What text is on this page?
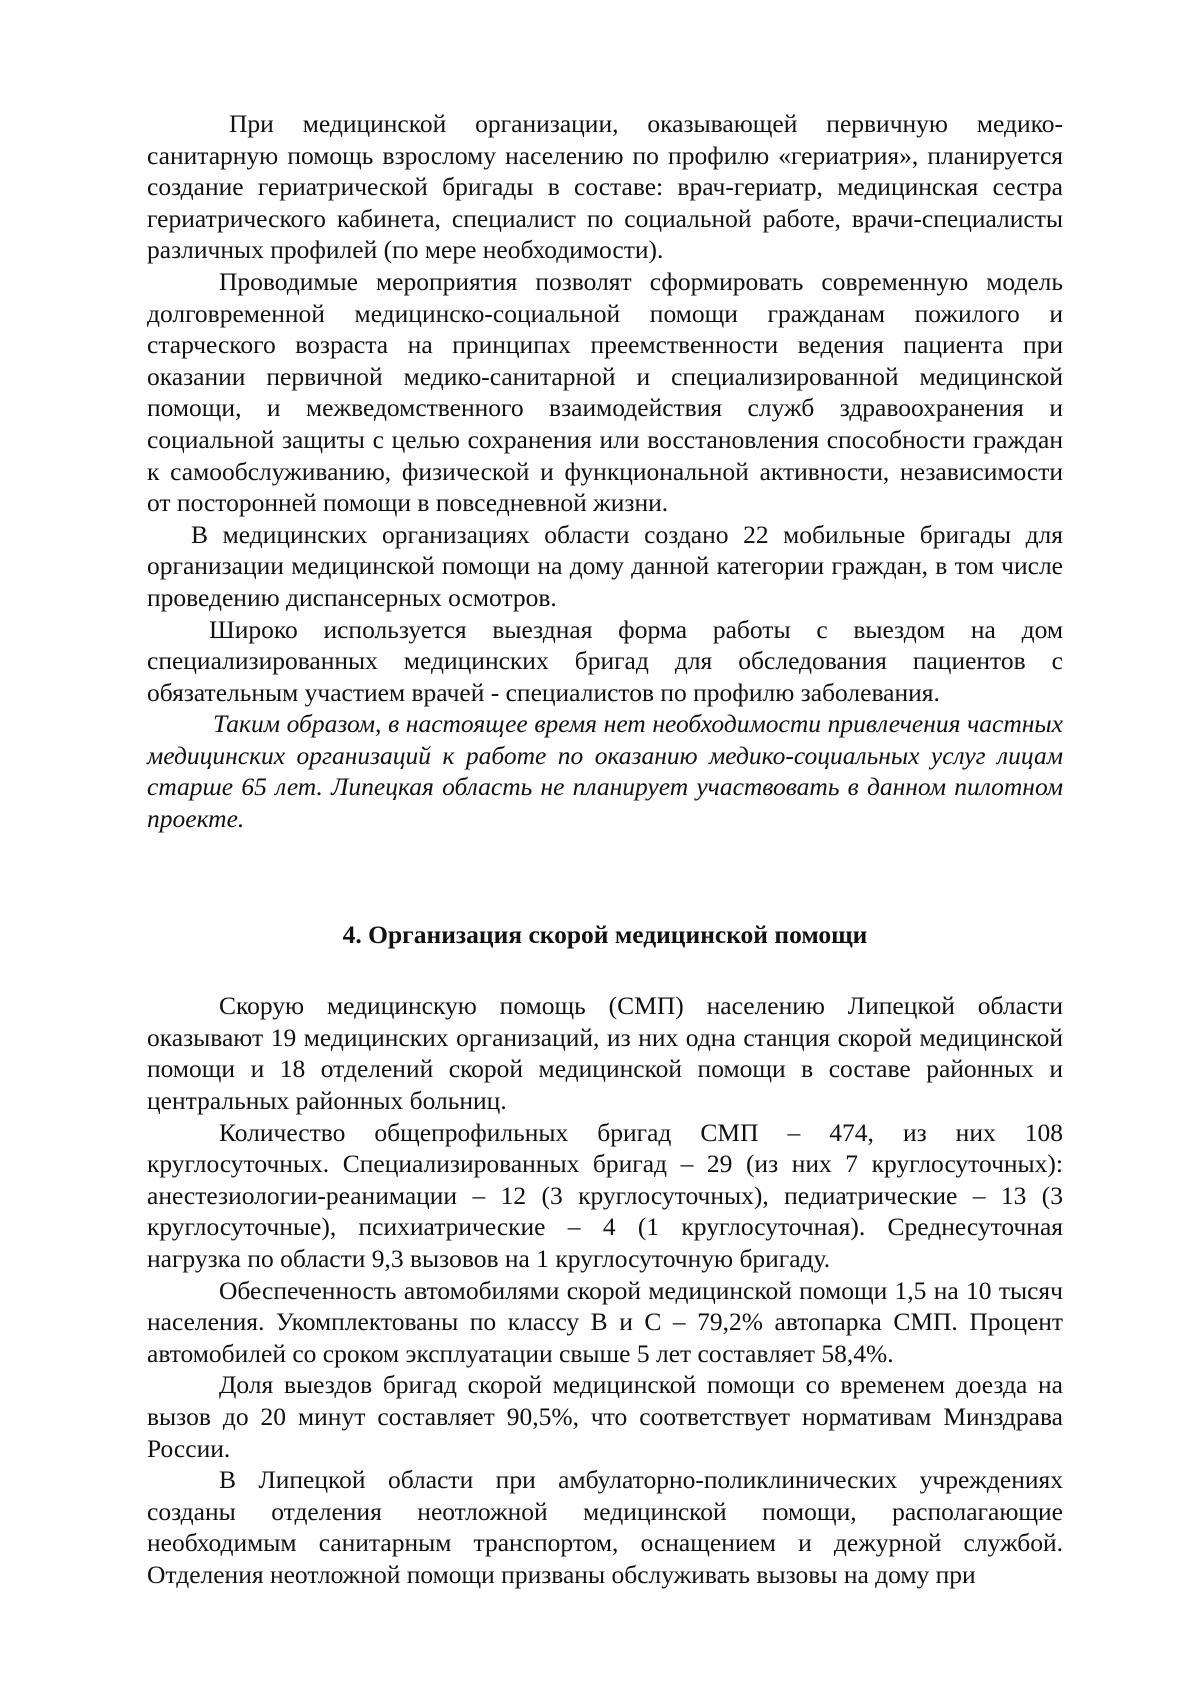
При медицинской организации, оказывающей первичную медико-санитарную помощь взрослому населению по профилю «гериатрия», планируется создание гериатрической бригады в составе: врач-гериатр, медицинская сестра гериатрического кабинета, специалист по социальной работе, врачи-специалисты различных профилей (по мере необходимости).

Проводимые мероприятия позволят сформировать современную модель долговременной медицинско-социальной помощи гражданам пожилого и старческого возраста на принципах преемственности ведения пациента при оказании первичной медико-санитарной и специализированной медицинской помощи, и межведомственного взаимодействия служб здравоохранения и социальной защиты с целью сохранения или восстановления способности граждан к самообслуживанию, физической и функциональной активности, независимости от посторонней помощи в повседневной жизни.

В медицинских организациях области создано 22 мобильные бригады для организации медицинской помощи на дому данной категории граждан, в том числе проведению диспансерных осмотров.

Широко используется выездная форма работы с выездом на дом специализированных медицинских бригад для обследования пациентов с обязательным участием врачей - специалистов по профилю заболевания.

Таким образом, в настоящее время нет необходимости привлечения частных медицинских организаций к работе по оказанию медико-социальных услуг лицам старше 65 лет. Липецкая область не планирует участвовать в данном пилотном проекте.

4. Организация скорой медицинской помощи

Скорую медицинскую помощь (СМП) населению Липецкой области оказывают 19 медицинских организаций, из них одна станция скорой медицинской помощи и 18 отделений скорой медицинской помощи в составе районных и центральных районных больниц.

Количество общепрофильных бригад СМП – 474, из них 108 круглосуточных. Специализированных бригад – 29 (из них 7 круглосуточных): анестезиологии-реанимации – 12 (3 круглосуточных), педиатрические – 13 (3 круглосуточные), психиатрические – 4 (1 круглосуточная). Среднесуточная нагрузка по области 9,3 вызовов на 1 круглосуточную бригаду.

Обеспеченность автомобилями скорой медицинской помощи 1,5 на 10 тысяч населения. Укомплектованы по классу В и С – 79,2% автопарка СМП. Процент автомобилей со сроком эксплуатации свыше 5 лет составляет 58,4%.

Доля выездов бригад скорой медицинской помощи со временем доезда на вызов до 20 минут составляет 90,5%, что соответствует нормативам Минздрава России.

В Липецкой области при амбулаторно-поликлинических учреждениях созданы отделения неотложной медицинской помощи, располагающие необходимым санитарным транспортом, оснащением и дежурной службой. Отделения неотложной помощи призваны обслуживать вызовы на дому при
